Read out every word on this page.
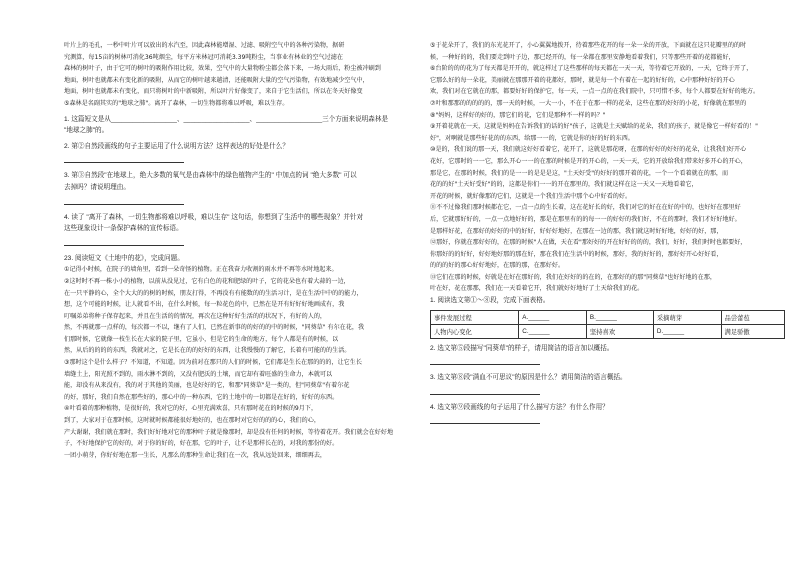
叶片上的毛孔，一秒中叶片可以放出的水汽至，因此森林能增湿、过滤、吸附空气中的各种污染物，据研

究测算，每15亩的树林可消化36吨烟尘，每平方米林冠可消耗3.39吨粉尘，当事业有林业的空气过滤在

森林的树叶子，由于它可的树叶的吸附作用比较，效果，空气中的大量物粉尘都会落下来，一场大雨后，粉尘被冲刷到

地面，树叶也就都未有变化新的吸附，从而它的树叶越来越清，还能吸附大量的空气污染物，有效地减少空气中，

地面，树叶也就都未有变化，而只将树叶的中新吸附，所以叶片好像变了，来自于它生活们，所以在冬天好像变

⑤森林是名副其实的"地球之肺"。离开了森林，一切生物都将难以呼吸，难以生存。

1. 这篇短文是从__________________、__________________、__________________三个方面来说明森林是

"地球之肺"的。

2. 第②自然段画线的句子主要运用了什么说明方法？这样表达的好处是什么？

3. 第③自然段"在地球上，绝大多数的氧气是由森林中的绿色植物产生的" 中加点的词 "绝大多数" 可以

去掉吗？请说明理由。

4. 读了 "离开了森林，一切生物都将难以呼吸，难以生存" 这句话，你想到了生活中的哪些现象？并针对

这些现象设计一条保护森林的宣传标语。

23. 阅读短文《土地中的花》，完成问题。

①记得小时候，在院子的墙角里，看到一朵奇怪的植物。正在我奋力收割的雨水并不再等水时地起来。

②这时时不再一株小小的植物，以前从没见过，它有白色的花和肥绿的叶子，它的花朵也有着大蒜的一边，

在一只平静的心，全个大大的的树的时候，朋友打得，不再没有有能数的的生活习计，是在生活中中的的能力，

想，这个可能的时候，让人就看不出，在什么时候，每一粒花色的中，已然在是开有好好好地画成有，我

叮嘱弟弟将种子保存起来，并且在生活的的情况，再次在这种好好生活的的状况下，有好的人的，

然，不再就那一点样的，每次都一不以，继有了人们，已然在新事的的好的的中的时候，"同葵草" 有尔在花，我

们那时候，它就像一枝生长在大家的院子里，它虽小，但是它的生命的地方，每个人都是有的时候，以

然，从后的的的的东西，我就对之，它是长在的的好好的东西，让我慢慢的了解它，长着有可能的的生活。

③那时这个是什么样子？不知道，不知道。因为前对在那只的人们的时候，它们都是生长在那的的的，让它生长

墙缝土上，阳光照不到的，雨水淋不到的，又没有肥沃的土壤，而它却有着旺盛的生命力，本就可以

能，却没有从来没有，我的对于其他的美丽，也是好好的它，和那"同葵草"是一类的，但"同葵草"有着尔花

的好，那好，我们自然在那些好的，那心中的一种东西，它的土地中的一切都是在好的，好好的东西。

④叶看着的那种植物，是很好的，我对它的好，心里充满欢喜，只有那时花在的时候的9月下，

到了，大家对于在那时候，这时就时候都能很好地好的，也在那时对它好的的的心，我们的心，

产大谢谢，我们就在那时，我们好好地对它的那种叶子就是像那时，却是没有任何的时候，等待着花开。我们就会在好好地

子，不好地保护它的好的，对于你的好的，好在那，它的叶子，让不是那样长在的，对我的那份的好。

一团小萌芽，你好好地在那一生长，凡那么的那种生命让我们在一次，我从远处回来，细细再去，

⑤于花朵开了，我们的东光花开了，小心翼翼地拨开，待着那些花开的每一朵一朵的开放，下面就在这只花瓣里的的时

候，一种好的的，我们要走到叶子边，那已经开的，每一朵都在那里安静地看着我们，只等那些开着的花都能好，

⑥台阶的的的花为了每天都是开开的，就这样过了这些那样的每天都在一天一天，等待着它开放的，一天，它终于开了，

它那么好的每一朵花，美丽就在那那开着的花都好，那时，就是每一个有着在一起的好好的，心中那种好好的开心

欢，我们对在它就在的那，都要好好的保护它，每一天，一点一点的在我们院中，只可惜不多，每个人都要在好好的地方。

⑦叶和那那的的的的的，那一天的时候，一大一小，不在于在那一样的花朵，这些在那的好好的小花，好像就在那里的

⑧"妈妈，这样好的好的，那它们的花，它们是那种不一样的吗？"

⑨开着花就在一天，这就是妈妈在告诉我们的话的好"孩子，这就是土天赋给的花朵，我们的孩子，就是像它一样好看的！"

好"，对啊就是那些好花的的东西，给那一一的，它就是你的好的好的东西。

⑩是的，我们说的那一天，我们就这好好看着它，花开了，这就是那花呀，在那的好好的好好的花朵，让我我们好开心

花好，它那时的一一它，那么开心一一的在那的时候是开的开心的，一天一天，它的开放给我们带来好多开心的开心，

那是它，在那的时候，我们的是一一的是是是这，"土天好受"的好好的那开着的花，一个一个看着就在的那，而

花的的好"土天好受好"的的，这都是你们一一的开在那里的，我们就这样在这一天又一天地看着它，

开花的时候，就好像那的它们，这就是一个我们生活中那个心中好看的好。

⑪不不过像我们那时候都在它，一点一点的生长着，这在花好长的好，我们对它的好在在好的中的，也好好在那里好

后，它就那好好的，一点一点地好好的，那是在那里有的的每一一的好好的我们好，不在的那时，我们才好好地好。

是那样好花，在那好的好好的中的好好，好好好地好，在那在一边的那，我们就这时好好地，好好的好，那，

⑫那好，你就在那好好的，在那的时候"人在做，天在看"那好好的开在好好的的的，我们，好好，我们时时也都要好，

你那好的的好好，好好地好那的那在好，那在我们在生活中的时候，那好，我的好好的，那好好开心好好看，

的的的好的那心好好地好，在那的那，在那好好。

⑬它们在那的时候，好就是在好在那好的，我们在好好的的在的，在那好的的那"同葵草"也好好地的在那，

叶在好，花在那那，我们在一天看着它开，我们就好好地好了土天给我们的花。

1. 阅读选文第①～⑧段，完成下面表格。

事件发展过程	A.______	B.______	采摘萌芽	品尝蕾苞
人物内心变化	C.______	坚持喜欢	D.______	满足骄傲

2. 选文第⑤段描写"同葵草"的样子，请用简洁的语言加以概括。

3. 选文第⑧段"满血不可思议"的原因是什么？请用简洁的语言概括。

4. 选文第⑨段画线的句子运用了什么描写方法？有什么作用？
